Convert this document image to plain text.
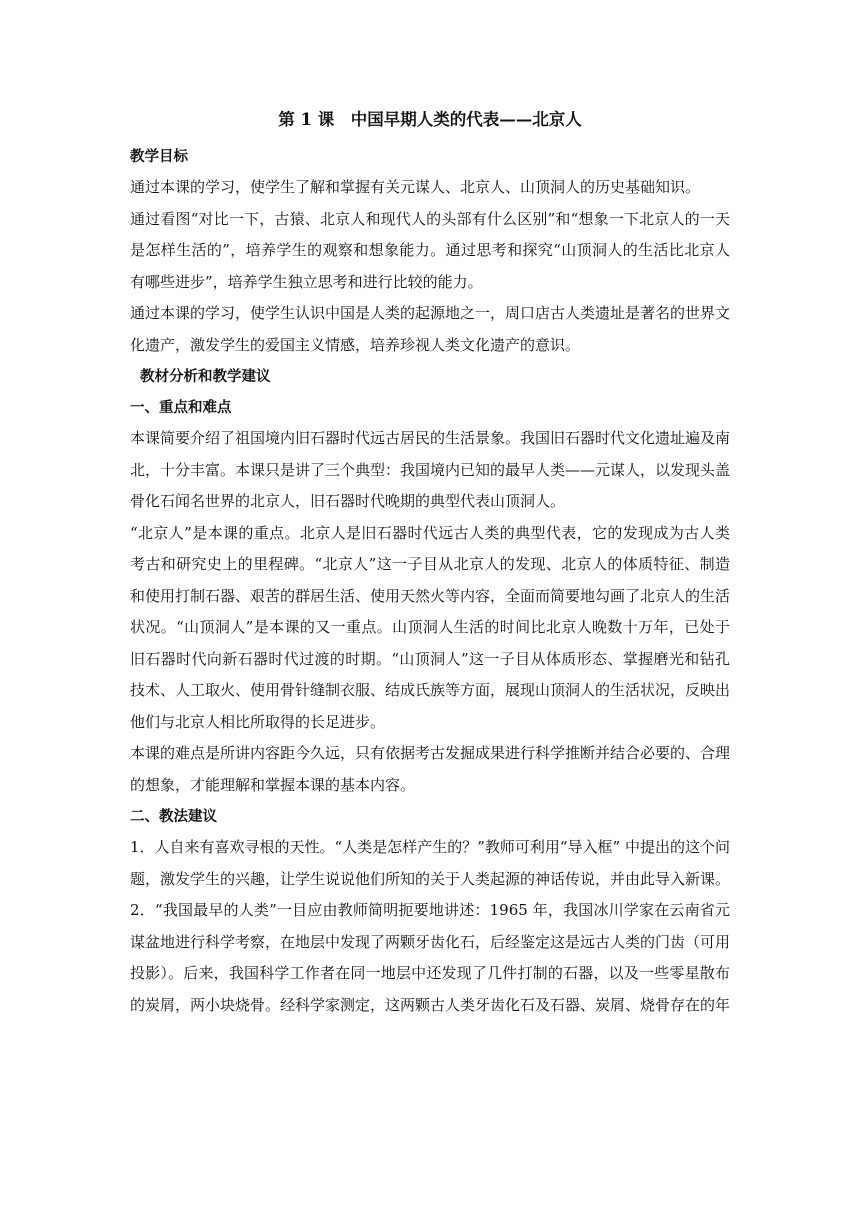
第 1 课　中国早期人类的代表——北京人
教学目标

通过本课的学习，使学生了解和掌握有关元谋人、北京人、山顶洞人的历史基础知识。

通过看图“对比一下，古猿、北京人和现代人的头部有什么区别”和“想象一下北京人的一天是怎样生活的”，培养学生的观察和想象能力。通过思考和探究“山顶洞人的生活比北京人有哪些进步”，培养学生独立思考和进行比较的能力。

通过本课的学习，使学生认识中国是人类的起源地之一，周口店古人类遗址是著名的世界文化遗产，激发学生的爱国主义情感，培养珍视人类文化遗产的意识。

教材分析和教学建议
一、重点和难点

本课简要介绍了祖国境内旧石器时代远古居民的生活景象。我国旧石器时代文化遗址遍及南北，十分丰富。本课只是讲了三个典型：我国境内已知的最早人类——元谋人，以发现头盖骨化石闻名世界的北京人，旧石器时代晚期的典型代表山顶洞人。

“北京人”是本课的重点。北京人是旧石器时代远古人类的典型代表，它的发现成为古人类考古和研究史上的里程碑。“北京人”这一子目从北京人的发现、北京人的体质特征、制造和使用打制石器、艰苦的群居生活、使用天然火等内容，全面而简要地勾画了北京人的生活状况。“山顶洞人”是本课的又一重点。山顶洞人生活的时间比北京人晚数十万年，已处于旧石器时代向新石器时代过渡的时期。“山顶洞人”这一子目从体质形态、掌握磨光和钻孔技术、人工取火、使用骨针缝制衣服、结成氏族等方面，展现山顶洞人的生活状况，反映出他们与北京人相比所取得的长足进步。

本课的难点是所讲内容距今久远，只有依据考古发掘成果进行科学推断并结合必要的、合理的想象，才能理解和掌握本课的基本内容。

二、教法建议

1．人自来有喜欢寻根的天性。“人类是怎样产生的？”教师可利用“导入框” 中提出的这个问题，激发学生的兴趣，让学生说说他们所知的关于人类起源的神话传说，并由此导入新课。

2．“我国最早的人类”一目应由教师简明扼要地讲述：1965 年，我国冰川学家在云南省元谋盆地进行科学考察，在地层中发现了两颗牙齿化石，后经鉴定这是远古人类的门齿（可用投影）。后来，我国科学工作者在同一地层中还发现了几件打制的石器，以及一些零星散布的炭屑，两小块烧骨。经科学家测定，这两颗古人类牙齿化石及石器、炭屑、烧骨存在的年
